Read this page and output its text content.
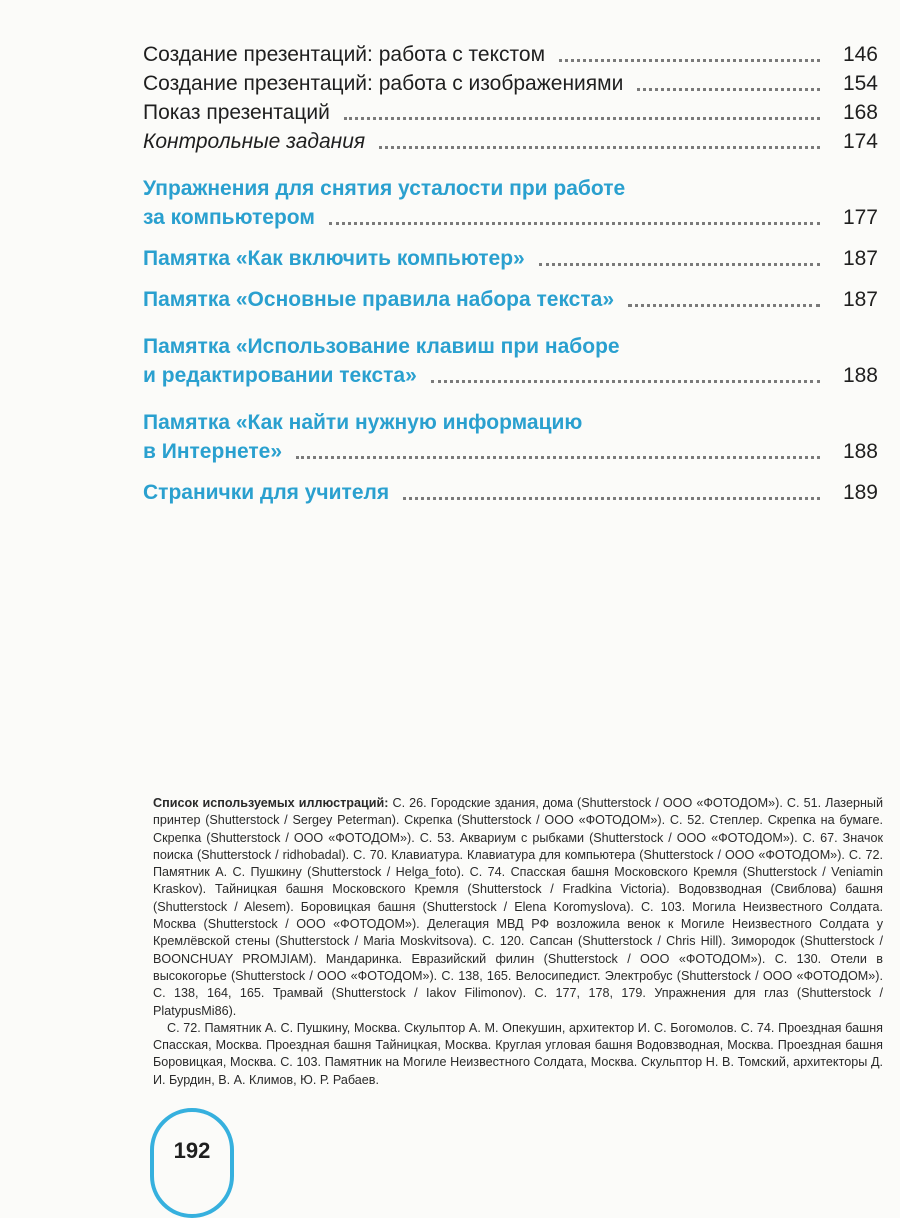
Создание презентаций: работа с текстом	146
Создание презентаций: работа с изображениями	154
Показ презентаций	168
Контрольные задания	174
Упражнения для снятия усталости при работе
за компьютером	177
Памятка «Как включить компьютер»	187
Памятка «Основные правила набора текста»	187
Памятка «Использование клавиш при наборе
и редактировании текста»	188
Памятка «Как найти нужную информацию
в Интернете»	188
Странички для учителя	189

Список используемых иллюстраций: С. 26. Городские здания, дома (Shutterstock / ООО «ФОТОДОМ»). С. 51. Лазерный принтер (Shutterstock / Sergey Peterman). Скрепка (Shutterstock / ООО «ФОТОДОМ»). С. 52. Степлер. Скрепка на бумаге. Скрепка (Shutterstock / ООО «ФОТОДОМ»). С. 53. Аквариум с рыбками (Shutterstock / ООО «ФОТОДОМ»). С. 67. Значок поиска (Shutterstock / ridhobadal). С. 70. Клавиатура. Клавиатура для компьютера (Shutterstock / ООО «ФОТОДОМ»). С. 72. Памятник А. С. Пушкину (Shutterstock / Helga_foto). С. 74. Спасская башня Московского Кремля (Shutterstock / Veniamin Kraskov). Тайницкая башня Московского Кремля (Shutterstock / Fradkina Victoria). Водовзводная (Свиблова) башня (Shutterstock / Alesem). Боровицкая башня (Shutterstock / Elena Koromyslova). С. 103. Могила Неизвестного Солдата. Москва (Shutterstock / ООО «ФОТОДОМ»). Делегация МВД РФ возложила венок к Могиле Неизвестного Солдата у Кремлёвской стены (Shutterstock / Maria Moskvitsova). С. 120. Сапсан (Shutterstock / Chris Hill). Зимородок (Shutterstock / BOONCHUAY PROMJIAM). Мандаринка. Евразийский филин (Shutterstock / ООО «ФОТОДОМ»). С. 130. Отели в высокогорье (Shutterstock / ООО «ФОТОДОМ»). С. 138, 165. Велосипедист. Электробус (Shutterstock / ООО «ФОТОДОМ»). С. 138, 164, 165. Трамвай (Shutterstock / Iakov Filimonov). С. 177, 178, 179. Упражнения для глаз (Shutterstock / PlatypusMi86).

С. 72. Памятник А. С. Пушкину, Москва. Скульптор А. М. Опекушин, архитектор И. С. Богомолов. С. 74. Проездная башня Спасская, Москва. Проездная башня Тайницкая, Москва. Круглая угловая башня Водовзводная, Москва. Проездная башня Боровицкая, Москва. С. 103. Памятник на Могиле Неизвестного Солдата, Москва. Скульптор Н. В. Томский, архитекторы Д. И. Бурдин, В. А. Климов, Ю. Р. Рабаев.

192
